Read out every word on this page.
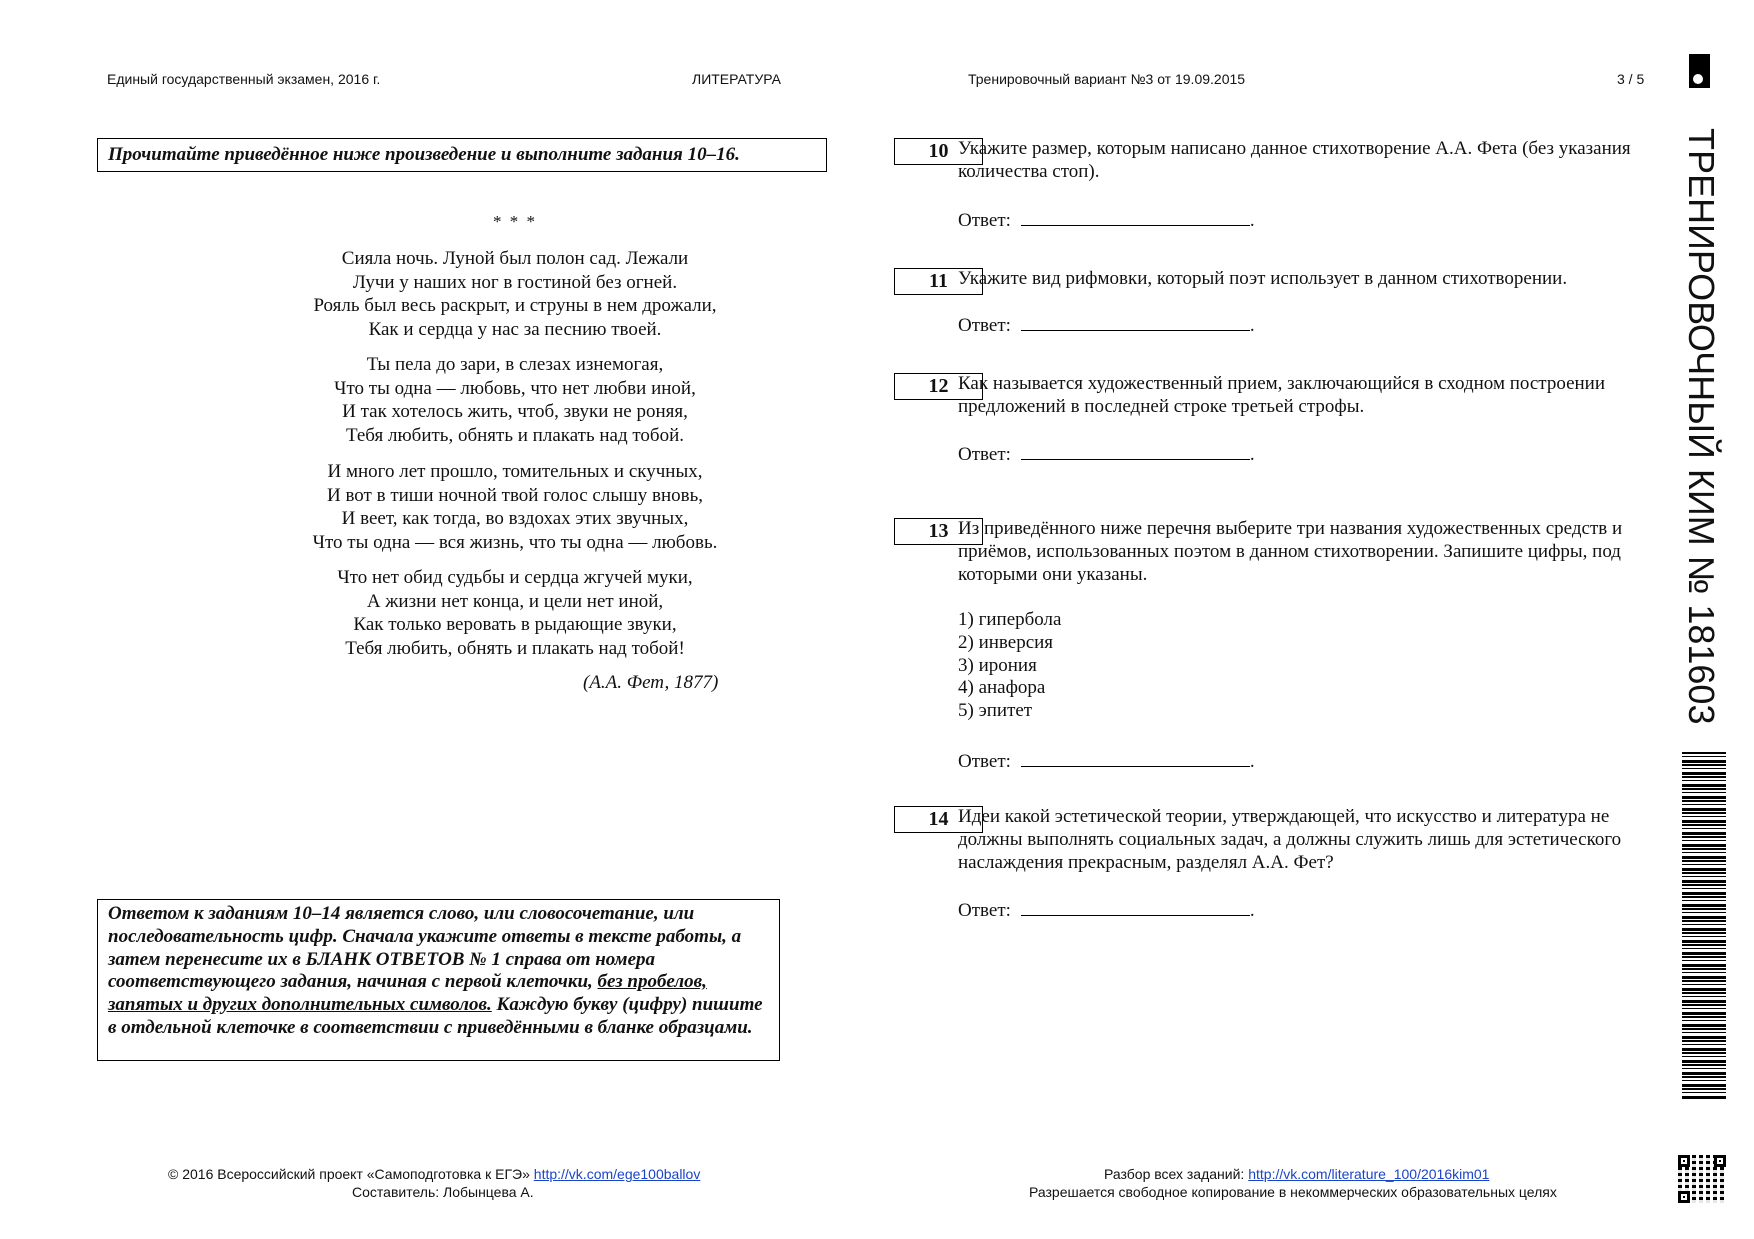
Единый государственный экзамен, 2016 г.	ЛИТЕРАТУРА	Тренировочный вариант №3 от 19.09.2015	3 / 5
Прочитайте приведённое ниже произведение и выполните задания 10–16.
* * *
Сияла ночь. Луной был полон сад. Лежали
Лучи у наших ног в гостиной без огней.
Рояль был весь раскрыт, и струны в нем дрожали,
Как и сердца у нас за песнию твоей.
Ты пела до зари, в слезах изнемогая,
Что ты одна — любовь, что нет любви иной,
И так хотелось жить, чтоб, звуки не роняя,
Тебя любить, обнять и плакать над тобой.
И много лет прошло, томительных и скучных,
И вот в тиши ночной твой голос слышу вновь,
И веет, как тогда, во вздохах этих звучных,
Что ты одна — вся жизнь, что ты одна — любовь.
Что нет обид судьбы и сердца жгучей муки,
А жизни нет конца, и цели нет иной,
Как только веровать в рыдающие звуки,
Тебя любить, обнять и плакать над тобой!
(А.А. Фет, 1877)
Ответом к заданиям 10–14 является слово, или словосочетание, или последовательность цифр. Сначала укажите ответы в тексте работы, а затем перенесите их в БЛАНК ОТВЕТОВ № 1 справа от номера соответствующего задания, начиная с первой клеточки, без пробелов, запятых и других дополнительных символов. Каждую букву (цифру) пишите в отдельной клеточке в соответствии с приведёнными в бланке образцами.
10 Укажите размер, которым написано данное стихотворение А.А. Фета (без указания количества стоп).
Ответ:	.
11 Укажите вид рифмовки, который поэт использует в данном стихотворении.
Ответ:	.
12 Как называется художественный прием, заключающийся в сходном построении предложений в последней строке третьей строфы.
Ответ:	.
13 Из приведённого ниже перечня выберите три названия художественных средств и приёмов, использованных поэтом в данном стихотворении. Запишите цифры, под которыми они указаны.
1) гипербола
2) инверсия
3) ирония
4) анафора
5) эпитет
Ответ:	.
14 Идеи какой эстетической теории, утверждающей, что искусство и литература не должны выполнять социальных задач, а должны служить лишь для эстетического наслаждения прекрасным, разделял А.А. Фет?
Ответ:	.
© 2016 Всероссийский проект «Самоподготовка к ЕГЭ» http://vk.com/ege100ballov
Составитель: Лобынцева А.
Разбор всех заданий: http://vk.com/literature_100/2016kim01
Разрешается свободное копирование в некоммерческих образовательных целях
ТРЕНИРОВОЧНЫЙ КИМ № 181603
